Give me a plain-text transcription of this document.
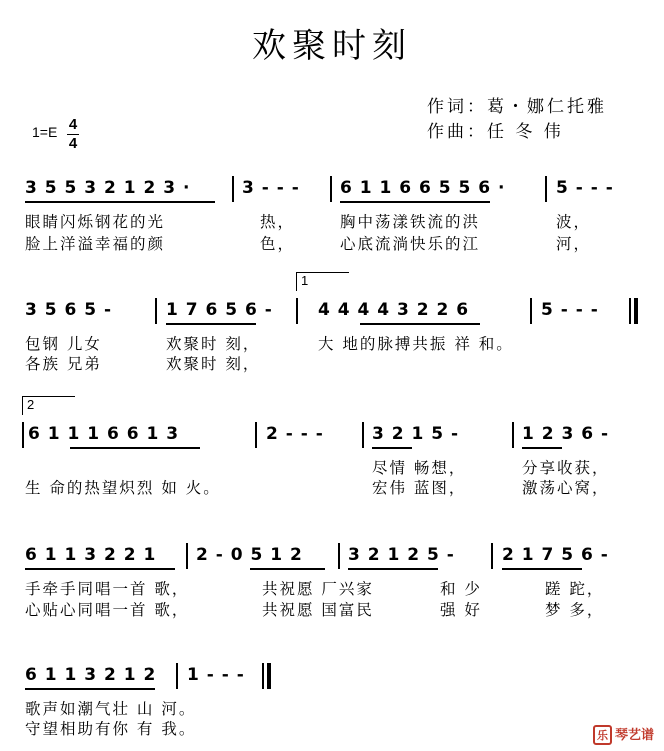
欢聚时刻
作词：葛・娜仁托雅
作曲：任 冬 伟
1=E 4
4
3 5 5 3 2 1 2 3 ·	3 - - - 6 1 1 6 6 5 5 6 ·	5 - - -
眼睛闪烁钢花的光	热，	胸中荡漾铁流的洪	波，
脸上洋溢幸福的颜	色，	心底流淌快乐的江	河，
1
3 5 6 5 -	1 7 6 5 6 -	4 4 4 4 3 2 2 6	5 - - -
包钢 儿女	欢聚时 刻，	大 地的脉搏共振 祥 和。
各族 兄弟	欢聚时 刻，
2
6 1 1 1 6 6 1 3	2 - - -	3 2 1 5 -	1 2 3 6 -
尽情 畅想，	分享收获，
生 命的热望炽烈 如 火。	宏伟 蓝图，	激荡心窝，
6 1 1 3 2 2 1 2 - 0 5 1 2	3 2 1 2 5 -	2 1 7 5 6 -
手牵手同唱一首 歌，	共祝愿 厂兴家	和 少	蹉 跎，
心贴心同唱一首 歌，	共祝愿 国富民	强 好	梦 多，
6 1 1 3 2 1 2 1 - - -
歌声如潮气壮 山 河。
守望相助有你 有 我。	乐 琴艺谱
